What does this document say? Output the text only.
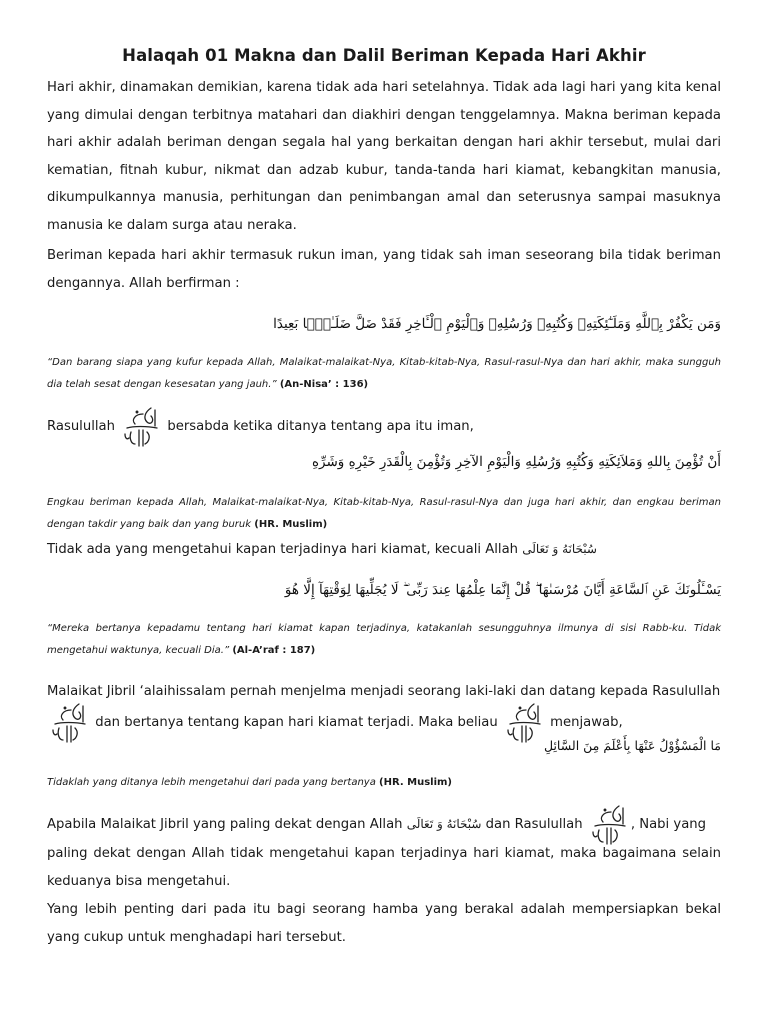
Halaqah 01 Makna dan Dalil Beriman Kepada Hari Akhir

Hari akhir, dinamakan demikian, karena tidak ada hari setelahnya. Tidak ada lagi hari yang kita kenal yang dimulai dengan terbitnya matahari dan diakhiri dengan tenggelamnya. Makna beriman kepada hari akhir adalah beriman dengan segala hal yang berkaitan dengan hari akhir tersebut, mulai dari kematian, fitnah kubur, nikmat dan adzab kubur, tanda-tanda hari kiamat, kebangkitan manusia, dikumpulkannya manusia, perhitungan dan penimbangan amal dan seterusnya sampai masuknya manusia ke dalam surga atau neraka.

Beriman kepada hari akhir termasuk rukun iman, yang tidak sah iman seseorang bila tidak beriman dengannya. Allah berfirman :

وَمَن يَكْفُرْ بِٱللَّهِ وَمَلَـٰٓئِكَتِهِۦ وَكُتُبِهِۦ وَرُسُلِهِۦ وَٱلْيَوْمِ ٱلْـَٔاخِرِ فَقَدْ ضَلَّ ضَلَـٰلًۢا بَعِيدًا

“Dan barang siapa yang kufur kepada Allah, Malaikat-malaikat-Nya, Kitab-kitab-Nya, Rasul-rasul-Nya dan hari akhir, maka sungguh dia telah sesat dengan kesesatan yang jauh.” (An-Nisa’ : 136)

Rasulullah	bersabda ketika ditanya tentang apa itu iman,

أَنْ تُؤْمِنَ بِاللهِ وَمَلاَئِكَتِهِ وَكُتُبِهِ وَرُسُلِهِ وَالْيَوْمِ الآخِرِ وَتُؤْمِنَ بِالْقَدَرِ خَيْرِهِ وَشَرِّهِ

Engkau beriman kepada Allah, Malaikat-malaikat-Nya, Kitab-kitab-Nya, Rasul-rasul-Nya dan juga hari akhir, dan engkau beriman dengan takdir yang baik dan yang buruk (HR. Muslim)

Tidak ada yang mengetahui kapan terjadinya hari kiamat, kecuali Allah سُبْحَانَهُ وَ تَعَالَى

يَسْـَٔلُونَكَ عَنِ ٱلسَّاعَةِ أَيَّانَ مُرْسَىٰهَا ۖ قُلْ إِنَّمَا عِلْمُهَا عِندَ رَبِّى ۖ لَا يُجَلِّيهَا لِوَقْتِهَآ إِلَّا هُوَ

“Mereka bertanya kepadamu tentang hari kiamat kapan terjadinya, katakanlah sesungguhnya ilmunya di sisi Rabb-ku. Tidak mengetahui waktunya, kecuali Dia.” (Al-A’raf : 187)

Malaikat Jibril ‘alaihissalam pernah menjelma menjadi seorang laki-laki dan datang kepada Rasulullah

dan bertanya tentang kapan hari kiamat terjadi. Maka beliau	menjawab,

مَا الْمَسْؤُوْلُ عَنْهَا بِأَعْلَمَ مِنَ السَّائِلِ

Tidaklah yang ditanya lebih mengetahui dari pada yang bertanya (HR. Muslim)

Apabila Malaikat Jibril yang paling dekat dengan Allah سُبْحَانَهُ وَ تَعَالَى dan Rasulullah	, Nabi yang

paling dekat dengan Allah tidak mengetahui kapan terjadinya hari kiamat, maka bagaimana selain keduanya bisa mengetahui.

Yang lebih penting dari pada itu bagi seorang hamba yang berakal adalah mempersiapkan bekal yang cukup untuk menghadapi hari tersebut.
